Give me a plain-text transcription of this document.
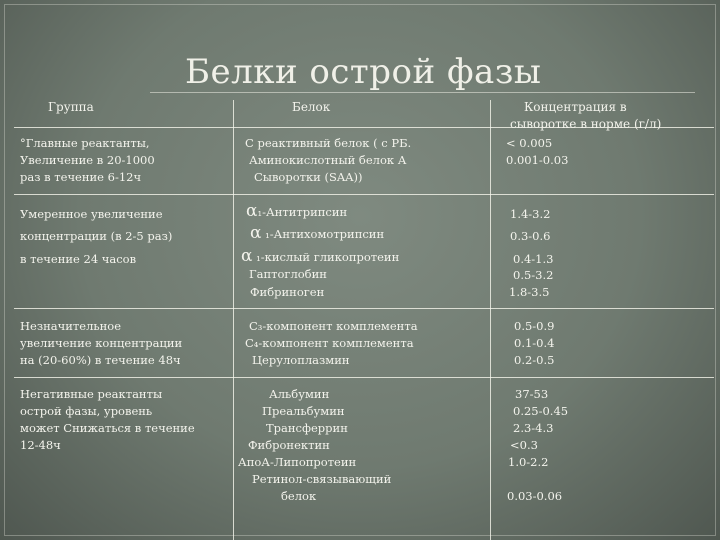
Белки острой фазы
Группа	Белок	Концентрация в
сыворотке в норме (г/л)
°Главные реактанты,
Увеличение в 20-1000
раз в течение 6-12ч
С реактивный белок ( с РБ.
Аминокислотный белок А
Сыворотки (SAA))
< 0.005
0.001-0.03
Умеренное увеличение
концентрации (в 2-5 раз)
в течение 24 часов
α₁-Антитрипсин
α ₁-Антихомотрипсин
α ₁-кислый гликопротеин
Гаптоглобин
Фибриноген
1.4-3.2
0.3-0.6
0.4-1.3
0.5-3.2
1.8-3.5
Незначительное
увеличение концентрации
на (20-60%) в течение 48ч
C₃-компонент комплемента
C₄-компонент комплемента
Церулоплазмин
0.5-0.9
0.1-0.4
0.2-0.5
Негативные реактанты
острой фазы, уровень
может Снижаться в течение
12-48ч
Альбумин
Преальбумин
Трансферрин
Фибронектин
АпоА-Липопротеин
Ретинол-связывающий
белок
37-53
0.25-0.45
2.3-4.3
<0.3
1.0-2.2
0.03-0.06
